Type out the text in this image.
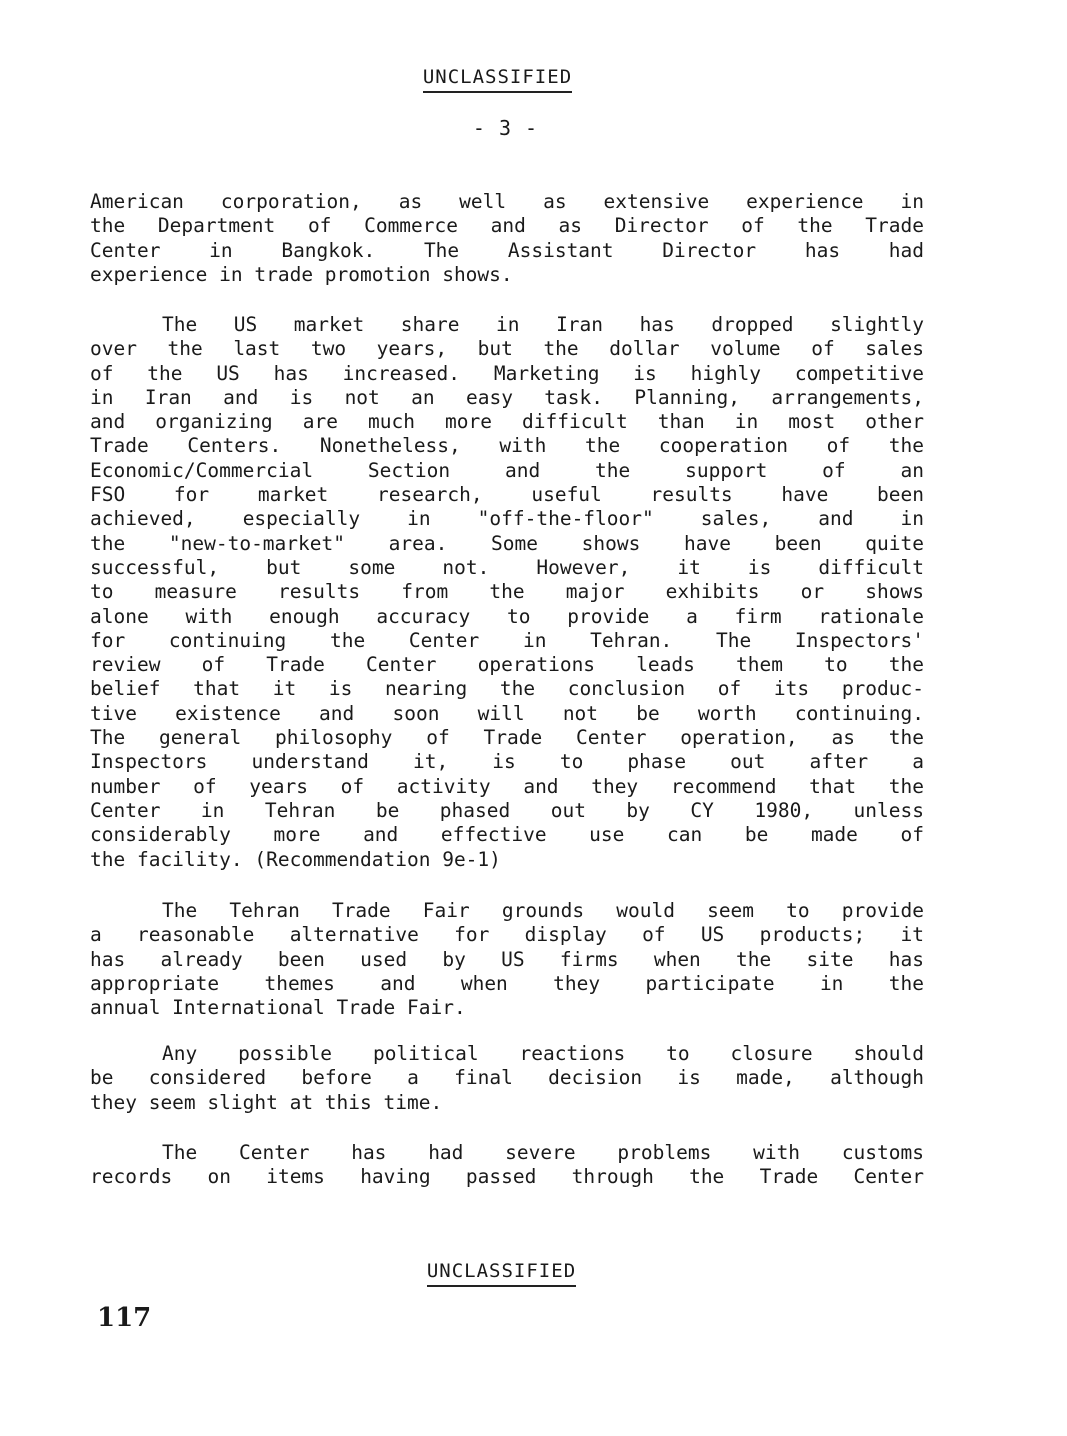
UNCLASSIFIED
- 3 -
American corporation, as well as extensive experience in
the Department of Commerce and as Director of the Trade
Center in Bangkok. The Assistant Director has had
experience in trade promotion shows.
The US market share in Iran has dropped slightly
over the last two years, but the dollar volume of sales
of the US has increased. Marketing is highly competitive
in Iran and is not an easy task. Planning, arrangements,
and organizing are much more difficult than in most other
Trade Centers. Nonetheless, with the cooperation of the
Economic/Commercial Section and the support of an
FSO for market research, useful results have been
achieved, especially in "off-the-floor" sales, and in
the "new-to-market" area. Some shows have been quite
successful, but some not. However, it is difficult
to measure results from the major exhibits or shows
alone with enough accuracy to provide a firm rationale
for continuing the Center in Tehran. The Inspectors'
review of Trade Center operations leads them to the
belief that it is nearing the conclusion of its produc-
tive existence and soon will not be worth continuing.
The general philosophy of Trade Center operation, as the
Inspectors understand it, is to phase out after a
number of years of activity and they recommend that the
Center in Tehran be phased out by CY 1980, unless
considerably more and effective use can be made of
the facility. (Recommendation 9e-1)
The Tehran Trade Fair grounds would seem to provide
a reasonable alternative for display of US products; it
has already been used by US firms when the site has
appropriate themes and when they participate in the
annual International Trade Fair.
Any possible political reactions to closure should
be considered before a final decision is made, although
they seem slight at this time.
The Center has had severe problems with customs
records on items having passed through the Trade Center
UNCLASSIFIED
117
